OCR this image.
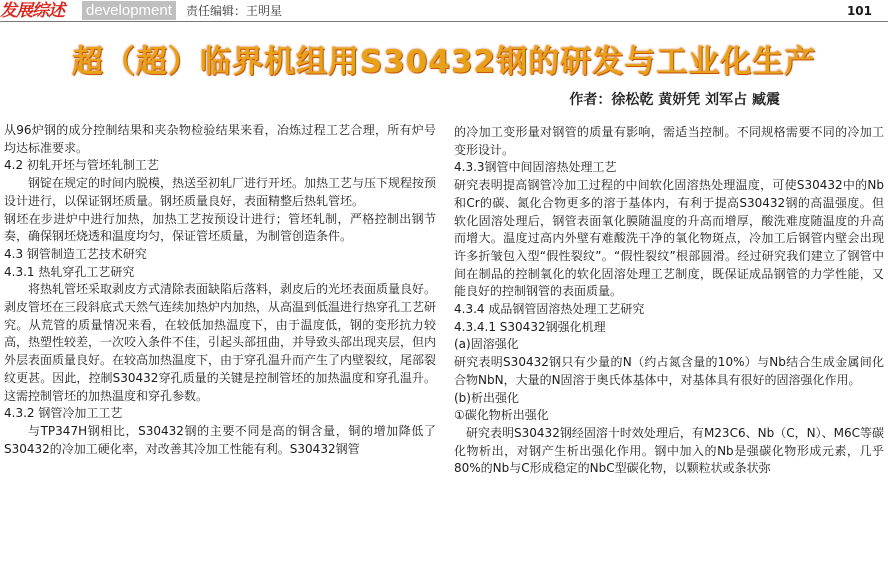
发展综述 development	责任编辑：王明星	101
超（超）临界机组用S30432钢的研发与工业化生产
作者：徐松乾 黄妍凭 刘军占 臧震

从96炉钢的成分控制结果和夹杂物检验结果来看，冶炼过程工艺合理，所有炉号均达标准要求。

4.2 初轧开坯与管坯轧制工艺

钢锭在规定的时间内脱模，热送至初轧厂进行开坯。加热工艺与压下规程按预设计进行，以保证钢坯质量。钢坯质量良好，表面精整后热轧管坯。

钢坯在步进炉中进行加热，加热工艺按预设计进行；管坯轧制，严格控制出钢节奏，确保钢坯烧透和温度均匀，保证管坯质量，为制管创造条件。

4.3 钢管制造工艺技术研究

4.3.1 热轧穿孔工艺研究

将热轧管坯采取剥皮方式清除表面缺陷后落料，剥皮后的光坯表面质量良好。剥皮管坯在三段斜底式天然气连续加热炉内加热，从高温到低温进行热穿孔工艺研究。从荒管的质量情况来看，在较低加热温度下，由于温度低，钢的变形抗力较高，热塑性较差，一次咬入条件不佳，引起头部扭曲，并导致头部出现夹层，但内外层表面质量良好。在较高加热温度下，由于穿孔温升而产生了内壁裂纹，尾部裂纹更甚。因此，控制S30432穿孔质量的关键是控制管坯的加热温度和穿孔温升。这需控制管坯的加热温度和穿孔参数。

4.3.2 钢管冷加工工艺

与TP347H钢相比，S30432钢的主要不同是高的铜含量，铜的增加降低了S30432的冷加工硬化率，对改善其冷加工性能有利。S30432钢管

的冷加工变形量对钢管的质量有影响，需适当控制。不同规格需要不同的冷加工变形设计。

4.3.3钢管中间固溶热处理工艺

研究表明提高钢管冷加工过程的中间软化固溶热处理温度，可使S30432中的Nb和Cr的碳、氮化合物更多的溶于基体内，有利于提高S30432钢的高温强度。但软化固溶处理后，钢管表面氧化膜随温度的升高而增厚，酸洗难度随温度的升高而增大。温度过高内外壁有难酸洗干净的氧化物斑点，冷加工后钢管内壁会出现许多折皱包入型“假性裂纹”。“假性裂纹”根部圆滑。经过研究我们建立了钢管中间在制品的控制氧化的软化固溶处理工艺制度，既保证成品钢管的力学性能，又能良好的控制钢管的表面质量。

4.3.4 成品钢管固溶热处理工艺研究

4.3.4.1 S30432钢强化机理

(a)固溶强化

研究表明S30432钢只有少量的N（约占氮含量的10%）与Nb结合生成金属间化合物NbN，大量的N固溶于奥氏体基体中，对基体具有很好的固溶强化作用。

(b)析出强化

①碳化物析出强化

研究表明S30432钢经固溶十时效处理后，有M23C6、Nb（C，N）、M6C等碳化物析出，对钢产生析出强化作用。钢中加入的Nb是强碳化物形成元素，几乎80%的Nb与C形成稳定的NbC型碳化物，以颗粒状或条状弥
